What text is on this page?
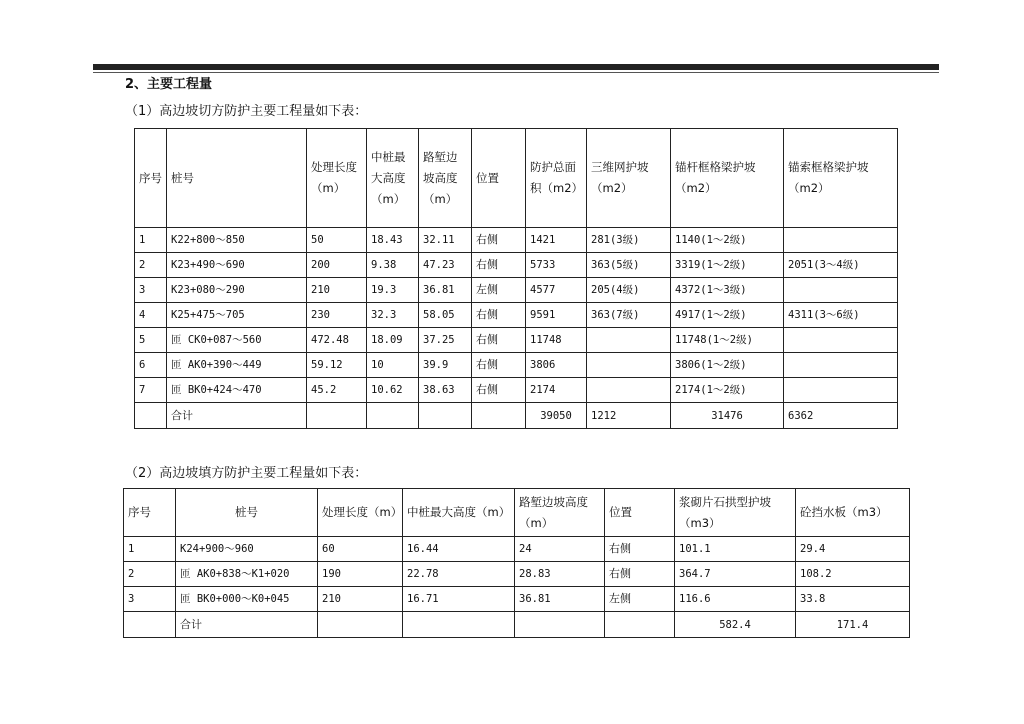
2、主要工程量
（1）高边坡切方防护主要工程量如下表：
序号	桩号	处理长度（m）	中桩最大高度（m）	路堑边坡高度（m）	位置	防护总面积（m2）	三维网护坡（m2）	锚杆框格梁护坡（m2）	锚索框格梁护坡（m2）
1	K22+800～850	50	18.43	32.11	右侧	1421	281(3级)	1140(1～2级)	
2	K23+490～690	200	9.38	47.23	右侧	5733	363(5级)	3319(1～2级)	2051(3～4级)
3	K23+080～290	210	19.3	36.81	左侧	4577	205(4级)	4372(1～3级)	
4	K25+475～705	230	32.3	58.05	右侧	9591	363(7级)	4917(1～2级)	4311(3～6级)
5	匝 CK0+087～560	472.48	18.09	37.25	右侧	11748		11748(1～2级)	
6	匝 AK0+390～449	59.12	10	39.9	右侧	3806		3806(1～2级)	
7	匝 BK0+424～470	45.2	10.62	38.63	右侧	2174		2174(1～2级)	
	合计					39050	1212	31476	6362
（2）高边坡填方防护主要工程量如下表：
序号	桩号	处理长度（m）	中桩最大高度（m）	路堑边坡高度（m）	位置	浆砌片石拱型护坡（m3）	砼挡水板（m3）
1	K24+900～960	60	16.44	24	右侧	101.1	29.4
2	匝 AK0+838～K1+020	190	22.78	28.83	右侧	364.7	108.2
3	匝 BK0+000～K0+045	210	16.71	36.81	左侧	116.6	33.8
	合计					582.4	171.4
